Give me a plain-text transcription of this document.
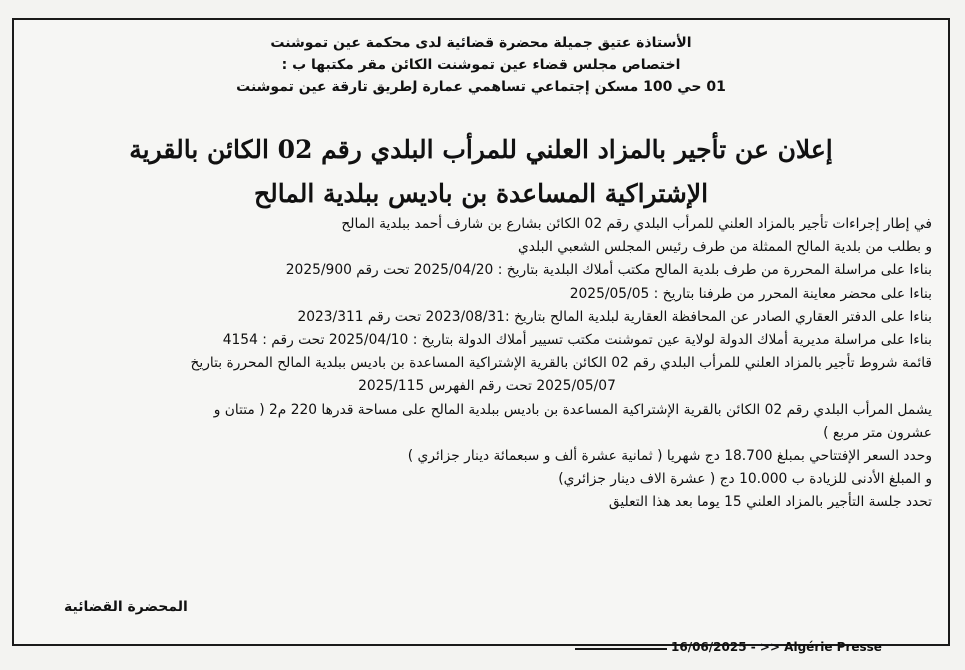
الأستاذة عتيق جميلة محضرة قضائية لدى محكمة عين تموشنت
اختصاص مجلس قضاء عين تموشنت الكائن مقر مكتبها ب :
01 حي 100 مسكن إجتماعي تساهمي عمارة Jطريق تارقة عين تموشنت
إعلان عن تأجير بالمزاد العلني للمرأب البلدي رقم 02 الكائن بالقرية
الإشتراكية المساعدة بن باديس ببلدية المالح
في إطار إجراءات تأجير بالمزاد العلني للمرأب البلدي رقم 02 الكائن بشارع بن شارف أحمد ببلدية المالح
و بطلب من بلدية المالح الممثلة من طرف رئيس المجلس الشعبي البلدي
بناءا على مراسلة المحررة من طرف بلدية المالح مكتب أملاك البلدية بتاريخ : 2025/04/20 تحت رقم 2025/900
بناءا على محضر معاينة المحرر من طرفنا بتاريخ : 2025/05/05
بناءا على الدفتر العقاري الصادر عن المحافظة العقارية لبلدية المالح بتاريخ :2023/08/31 تحت رقم 2023/311
بناءا على مراسلة مديرية أملاك الدولة لولاية عين تموشنت مكتب تسيير أملاك الدولة بتاريخ : 2025/04/10 تحت رقم : 4154
قائمة شروط تأجير بالمزاد العلني للمرأب البلدي رقم 02 الكائن بالقرية الإشتراكية المساعدة بن باديس ببلدية المالح المحررة بتاريخ
2025/05/07 تحت رقم الفهرس 2025/115
يشمل المرأب البلدي رقم 02 الكائن بالقرية الإشتراكية المساعدة بن باديس ببلدية المالح على مساحة قدرها 220 م2 ( متتان و
عشرون متر مربع )
وحدد السعر الإفتتاحي بمبلغ 18.700 دج شهريا ( ثمانية عشرة ألف و سبعمائة دينار جزائري )
و المبلغ الأدنى للزيادة ب 10.000 دج ( عشرة الاف دينار جزائري)
تحدد جلسة التأجير بالمزاد العلني 15 يوما بعد هذا التعليق
المحضرة القضائية
16/06/2025 - >> Algérie Presse
